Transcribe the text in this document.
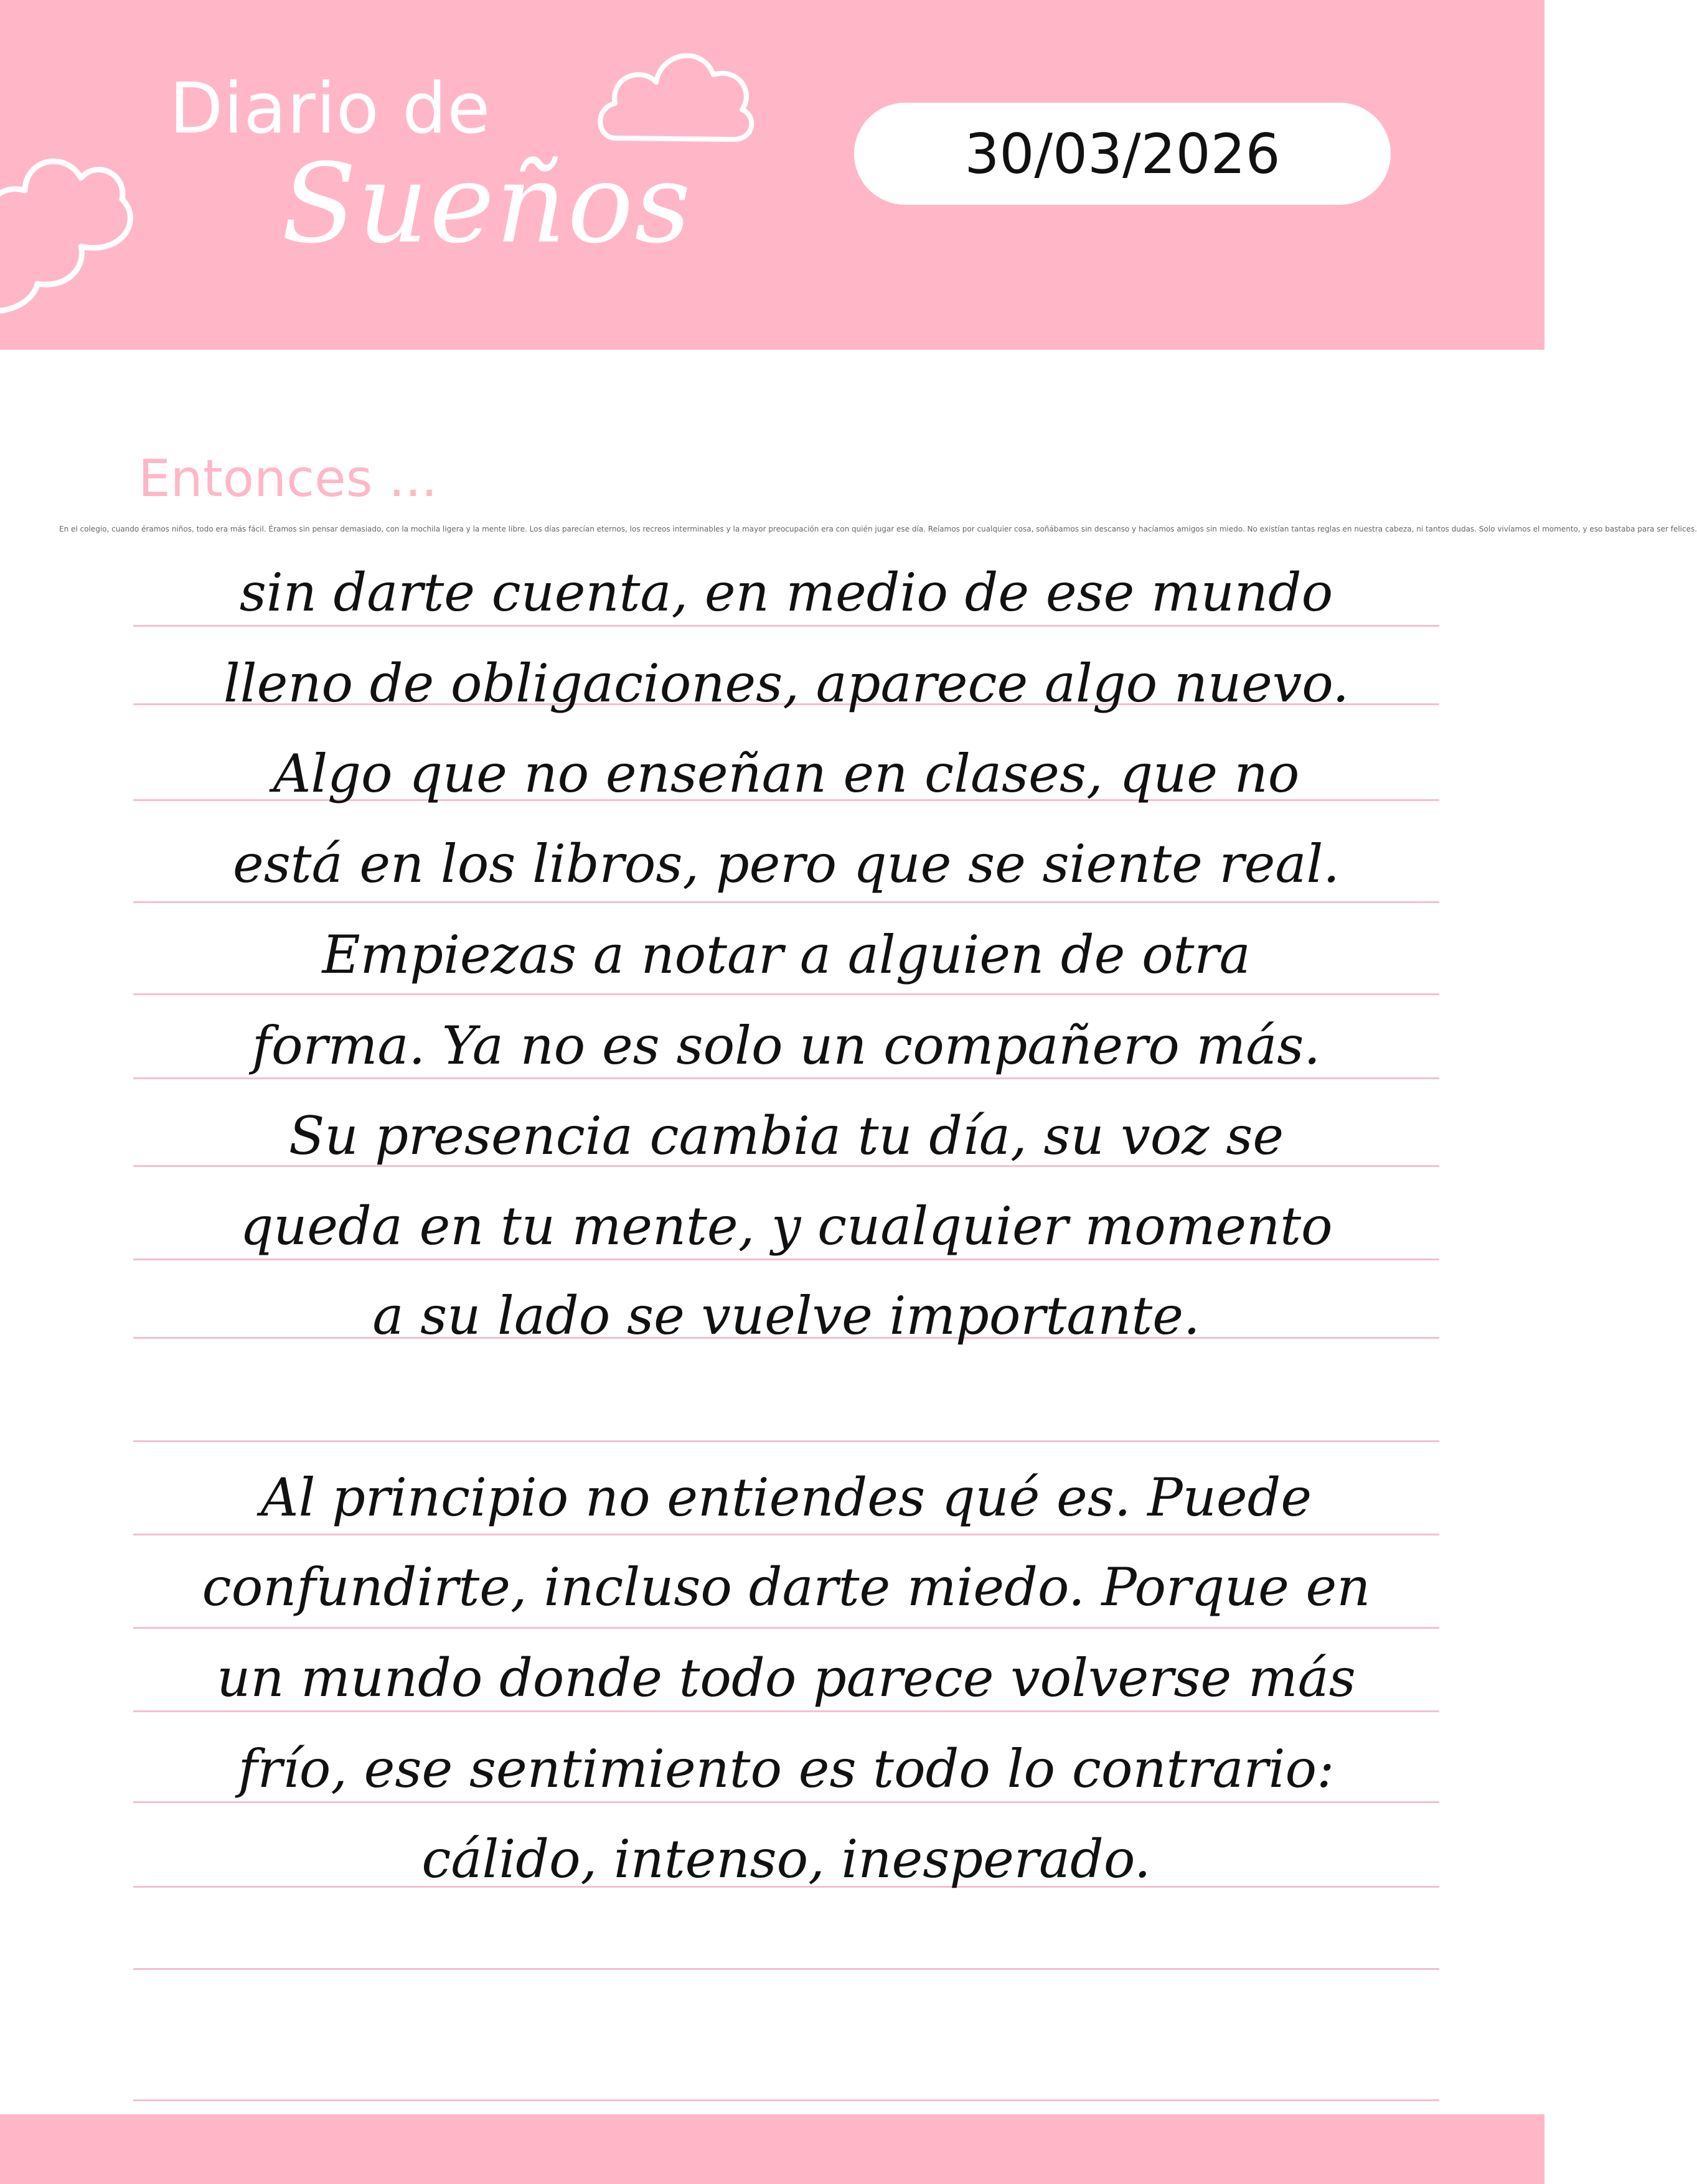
Diario de
Sueños	30/03/2026
Entonces ...
En el colegio, cuando éramos niños, todo era más fácil. Éramos sin pensar demasiado, con la mochila ligera y la mente libre. Los días parecían eternos, los recreos interminables y la mayor preocupación era con quién jugar ese día. Reíamos por cualquier cosa, soñábamos sin descanso y hacíamos amigos sin miedo. No existían tantas reglas en nuestra cabeza, ni tantos dudas. Solo vivíamos el momento, y eso bastaba para ser felices.
sin darte cuenta, en medio de ese mundo
lleno de obligaciones, aparece algo nuevo.
Algo que no enseñan en clases, que no
está en los libros, pero que se siente real.
Empiezas a notar a alguien de otra
forma. Ya no es solo un compañero más.
Su presencia cambia tu día, su voz se
queda en tu mente, y cualquier momento
a su lado se vuelve importante.
Al principio no entiendes qué es. Puede
confundirte, incluso darte miedo. Porque en
un mundo donde todo parece volverse más
frío, ese sentimiento es todo lo contrario:
cálido, intenso, inesperado.
